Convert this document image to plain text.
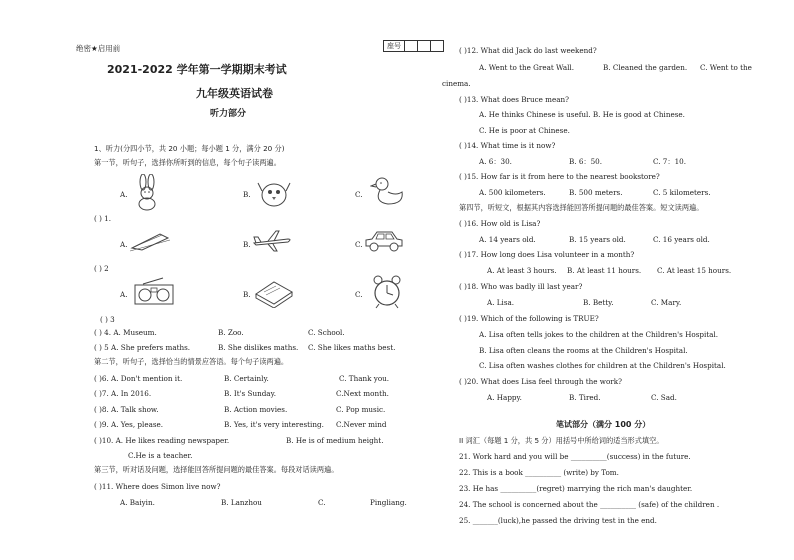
绝密★启用前	座号
2021-2022 学年第一学期期末考试
九年级英语试卷
听力部分
1、听力(分四小节，共 20 小题；每小题 1 分，满分 20 分)
第一节，听句子，选择你所听到的信息，每个句子读两遍。
A.	B.	C.
( ) 1.
A.	B.	C.
( ) 2
A.	B.	C.
( ) 3
( ) 4. A. Museum.	B. Zoo.	C. School.
( ) 5 A. She prefers maths.	B. She dislikes maths. C. She likes maths best.
第二节，听句子，选择恰当的情景应答语。每个句子读两遍。
( )6. A. Don't mention it.	B. Certainly.	C. Thank you.
( )7. A. In 2016.	B. It's Sunday.	C.Next month.
( )8. A. Talk show.	B. Action movies.	C. Pop music.
( )9. A. Yes, please.	B. Yes, it's very interesting. C.Never mind
( )10. A. He likes reading newspaper.	B. He is of medium height.
C.He is a teacher.
第三节，听对话及问题，选择能回答所提问题的最佳答案。每段对话读两遍。
( )11. Where does Simon live now?
A. Baiyin.	B. Lanzhou	C.	Pingliang.
( )12. What did Jack do last weekend?
A. Went to the Great Wall.	B. Cleaned the garden. C. Went to the
cinema.
( )13. What does Bruce mean?
A. He thinks Chinese is useful. B. He is good at Chinese.
C. He is poor at Chinese.
( )14. What time is it now?
A. 6：30.	B. 6：50.	C. 7：10.
( )15. How far is it from here to the nearest bookstore?
A. 500 kilometers.	B. 500 meters.	C. 5 kilometers.
第四节，听短文，根据其内容选择能回答所提问题的最佳答案。短文读两遍。
( )16. How old is Lisa?
A. 14 years old.	B. 15 years old.	C. 16 years old.
( )17. How long does Lisa volunteer in a month?
A. At least 3 hours. B. At least 11 hours. C. At least 15 hours.
( )18. Who was badly ill last year?
A. Lisa.	B. Betty.	C. Mary.
( )19. Which of the following is TRUE?
A. Lisa often tells jokes to the children at the Children's Hospital.
B. Lisa often cleans the rooms at the Children's Hospital.
C. Lisa often washes clothes for children at the Children's Hospital.
( )20. What does Lisa feel through the work?
A. Happy.	B. Tired.	C. Sad.
笔试部分（满分 100 分）
II 词汇（每题 1 分，共 5 分）用括号中所给词的适当形式填空。
21. Work hard and you will be __________(success) in the future.
22. This is a book __________ (write) by Tom.
23. He has __________(regret) marrying the rich man's daughter.
24. The school is concerned about the __________ (safe) of the children .
25. _______(luck),he passed the driving test in the end.
